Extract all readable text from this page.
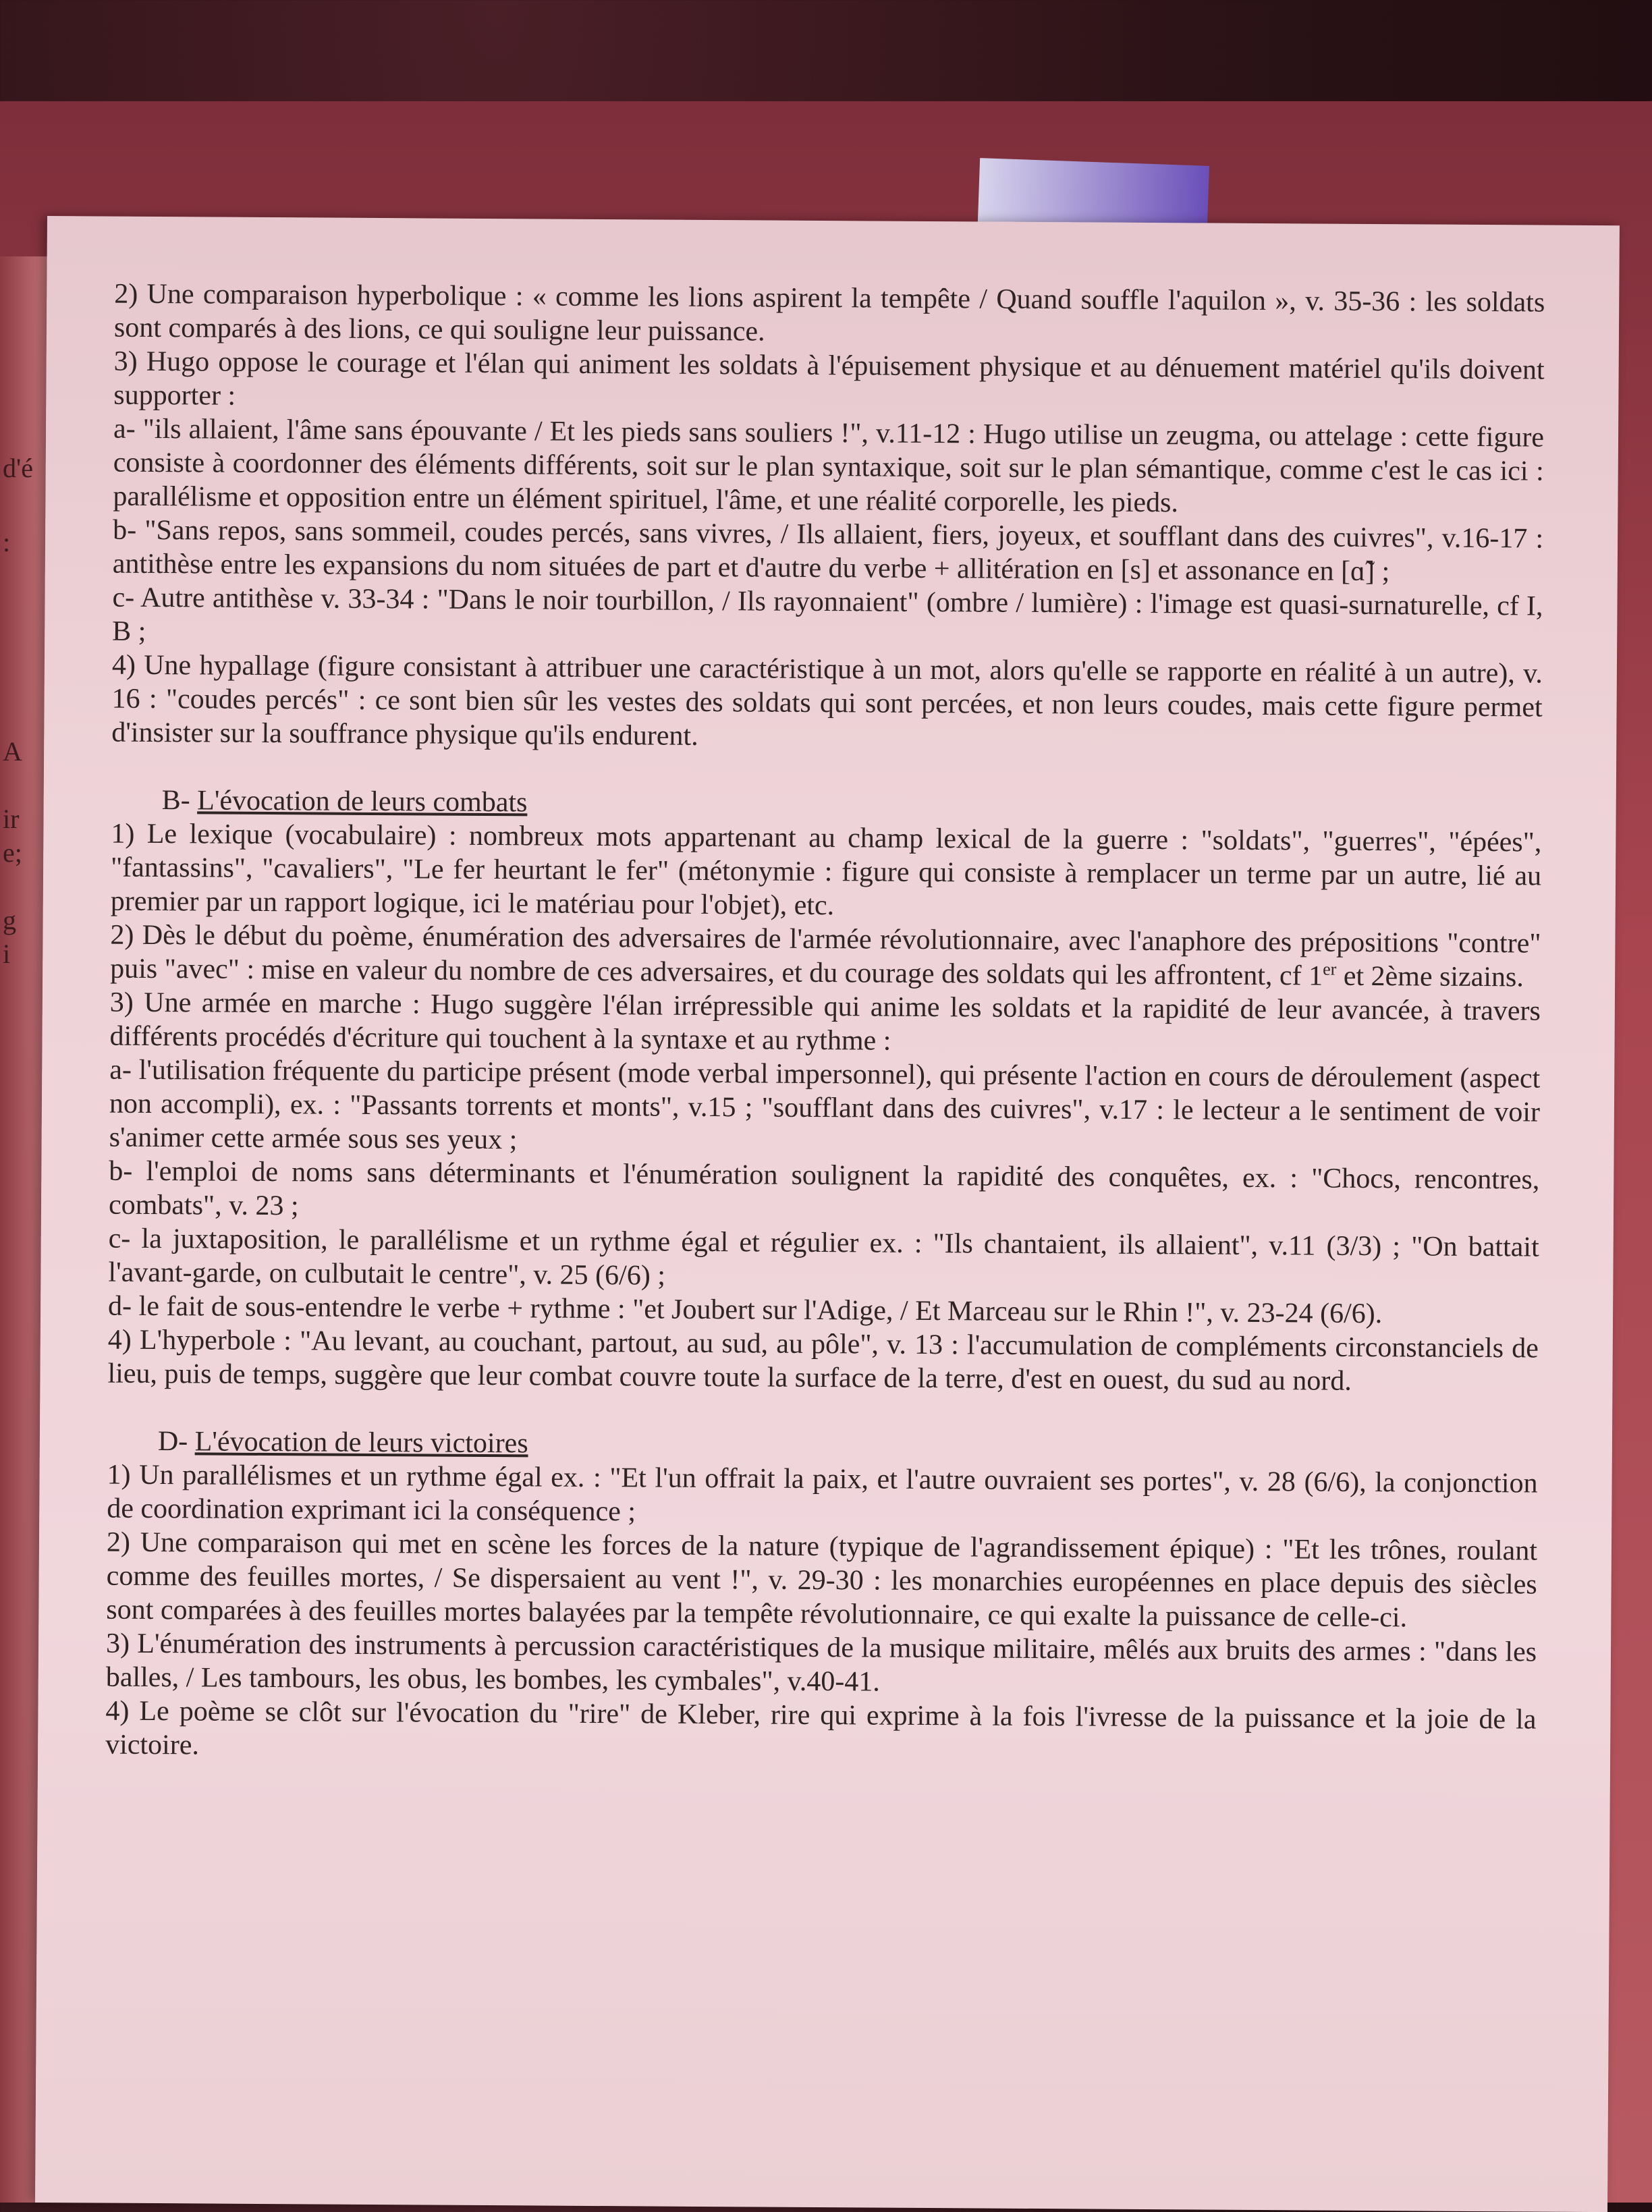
d'é
:
A
ir
e;
g
i

2) Une comparaison hyperbolique : « comme les lions aspirent la tempête / Quand souffle l'aquilon », v. 35-36 : les soldats sont comparés à des lions, ce qui souligne leur puissance.

3) Hugo oppose le courage et l'élan qui animent les soldats à l'épuisement physique et au dénuement matériel qu'ils doivent supporter :

a- "ils allaient, l'âme sans épouvante / Et les pieds sans souliers !", v.11-12 : Hugo utilise un zeugma, ou attelage : cette figure consiste à coordonner des éléments différents, soit sur le plan syntaxique, soit sur le plan sémantique, comme c'est le cas ici : parallélisme et opposition entre un élément spirituel, l'âme, et une réalité corporelle, les pieds.

b- "Sans repos, sans sommeil, coudes percés, sans vivres, / Ils allaient, fiers, joyeux, et soufflant dans des cuivres", v.16-17 : antithèse entre les expansions du nom situées de part et d'autre du verbe + allitération en [s] et assonance en [ɑ̃] ;

c- Autre antithèse v. 33-34 : "Dans le noir tourbillon, / Ils rayonnaient" (ombre / lumière) : l'image est quasi-surnaturelle, cf I, B ;

4) Une hypallage (figure consistant à attribuer une caractéristique à un mot, alors qu'elle se rapporte en réalité à un autre), v. 16 : "coudes percés" : ce sont bien sûr les vestes des soldats qui sont percées, et non leurs coudes, mais cette figure permet d'insister sur la souffrance physique qu'ils endurent.

B- L'évocation de leurs combats

1) Le lexique (vocabulaire) : nombreux mots appartenant au champ lexical de la guerre : "soldats", "guerres", "épées", "fantassins", "cavaliers", "Le fer heurtant le fer" (métonymie : figure qui consiste à remplacer un terme par un autre, lié au premier par un rapport logique, ici le matériau pour l'objet), etc.

2) Dès le début du poème, énumération des adversaires de l'armée révolutionnaire, avec l'anaphore des prépositions "contre" puis "avec" : mise en valeur du nombre de ces adversaires, et du courage des soldats qui les affrontent, cf 1er et 2ème sizains.

3) Une armée en marche : Hugo suggère l'élan irrépressible qui anime les soldats et la rapidité de leur avancée, à travers différents procédés d'écriture qui touchent à la syntaxe et au rythme :

a- l'utilisation fréquente du participe présent (mode verbal impersonnel), qui présente l'action en cours de déroulement (aspect non accompli), ex. : "Passants torrents et monts", v.15 ; "soufflant dans des cuivres", v.17 : le lecteur a le sentiment de voir s'animer cette armée sous ses yeux ;

b- l'emploi de noms sans déterminants et l'énumération soulignent la rapidité des conquêtes, ex. : "Chocs, rencontres, combats", v. 23 ;

c- la juxtaposition, le parallélisme et un rythme égal et régulier ex. : "Ils chantaient, ils allaient", v.11 (3/3) ; "On battait l'avant-garde, on culbutait le centre", v. 25 (6/6) ;

d- le fait de sous-entendre le verbe + rythme : "et Joubert sur l'Adige, / Et Marceau sur le Rhin !", v. 23-24 (6/6).

4) L'hyperbole : "Au levant, au couchant, partout, au sud, au pôle", v. 13 : l'accumulation de compléments circonstanciels de lieu, puis de temps, suggère que leur combat couvre toute la surface de la terre, d'est en ouest, du sud au nord.

D- L'évocation de leurs victoires

1) Un parallélismes et un rythme égal ex. : "Et l'un offrait la paix, et l'autre ouvraient ses portes", v. 28 (6/6), la conjonction de coordination exprimant ici la conséquence ;

2) Une comparaison qui met en scène les forces de la nature (typique de l'agrandissement épique) : "Et les trônes, roulant comme des feuilles mortes, / Se dispersaient au vent !", v. 29-30 : les monarchies européennes en place depuis des siècles sont comparées à des feuilles mortes balayées par la tempête révolutionnaire, ce qui exalte la puissance de celle-ci.

3) L'énumération des instruments à percussion caractéristiques de la musique militaire, mêlés aux bruits des armes : "dans les balles, / Les tambours, les obus, les bombes, les cymbales", v.40-41.

4) Le poème se clôt sur l'évocation du "rire" de Kleber, rire qui exprime à la fois l'ivresse de la puissance et la joie de la victoire.
